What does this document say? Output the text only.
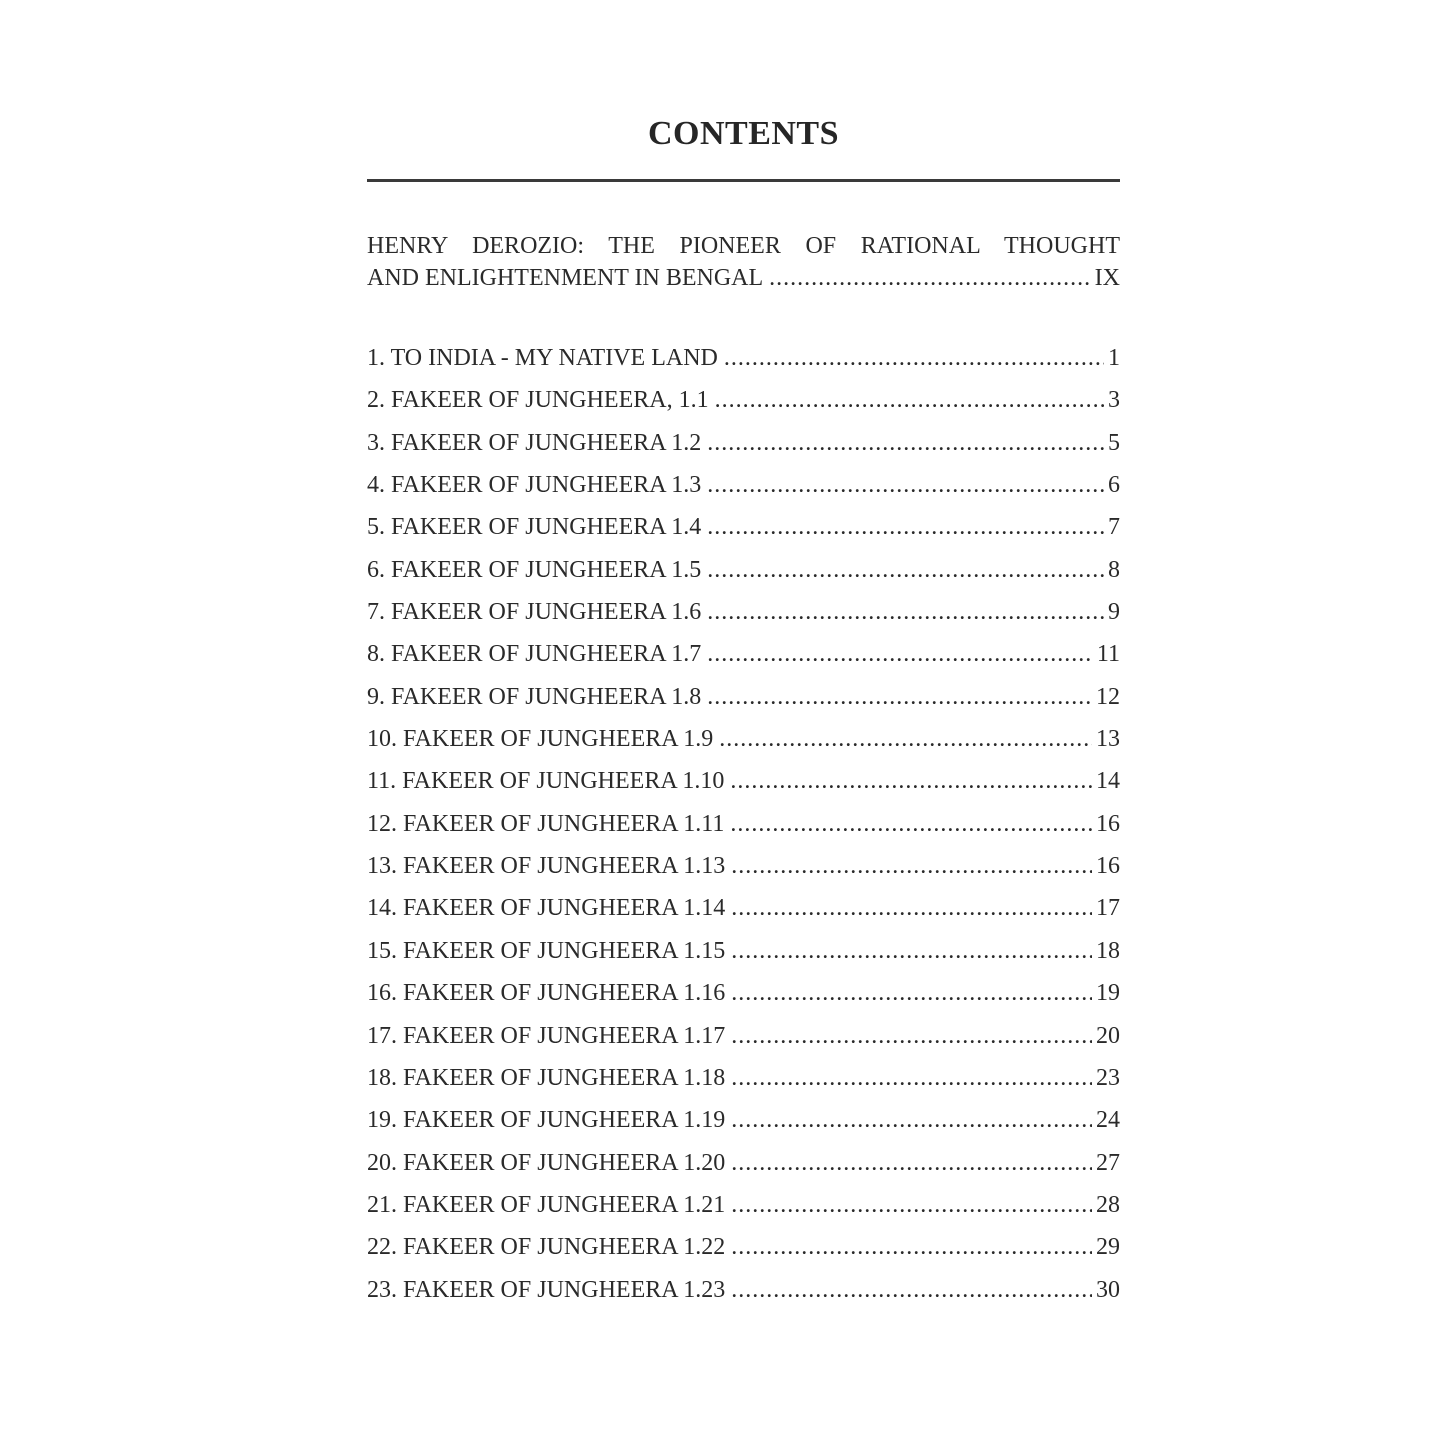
CONTENTS
HENRY DEROZIO: THE PIONEER OF RATIONAL THOUGHT
AND ENLIGHTENMENT IN BENGAL .....	IX
1. TO INDIA - MY NATIVE LAND .....	1
2. FAKEER OF JUNGHEERA, 1.1 .....	3
3. FAKEER OF JUNGHEERA 1.2 .....	5
4. FAKEER OF JUNGHEERA 1.3 .....	6
5. FAKEER OF JUNGHEERA 1.4 .....	7
6. FAKEER OF JUNGHEERA 1.5 .....	8
7. FAKEER OF JUNGHEERA 1.6 .....	9
8. FAKEER OF JUNGHEERA 1.7 .....	11
9. FAKEER OF JUNGHEERA 1.8 .....	12
10. FAKEER OF JUNGHEERA 1.9 .....	13
11. FAKEER OF JUNGHEERA 1.10 .....	14
12. FAKEER OF JUNGHEERA 1.11 .....	16
13. FAKEER OF JUNGHEERA 1.13 .....	16
14. FAKEER OF JUNGHEERA 1.14 .....	17
15. FAKEER OF JUNGHEERA 1.15 .....	18
16. FAKEER OF JUNGHEERA 1.16 .....	19
17. FAKEER OF JUNGHEERA 1.17 .....	20
18. FAKEER OF JUNGHEERA 1.18 .....	23
19. FAKEER OF JUNGHEERA 1.19 .....	24
20. FAKEER OF JUNGHEERA 1.20 .....	27
21. FAKEER OF JUNGHEERA 1.21 .....	28
22. FAKEER OF JUNGHEERA 1.22 .....	29
23. FAKEER OF JUNGHEERA 1.23 .....	30
